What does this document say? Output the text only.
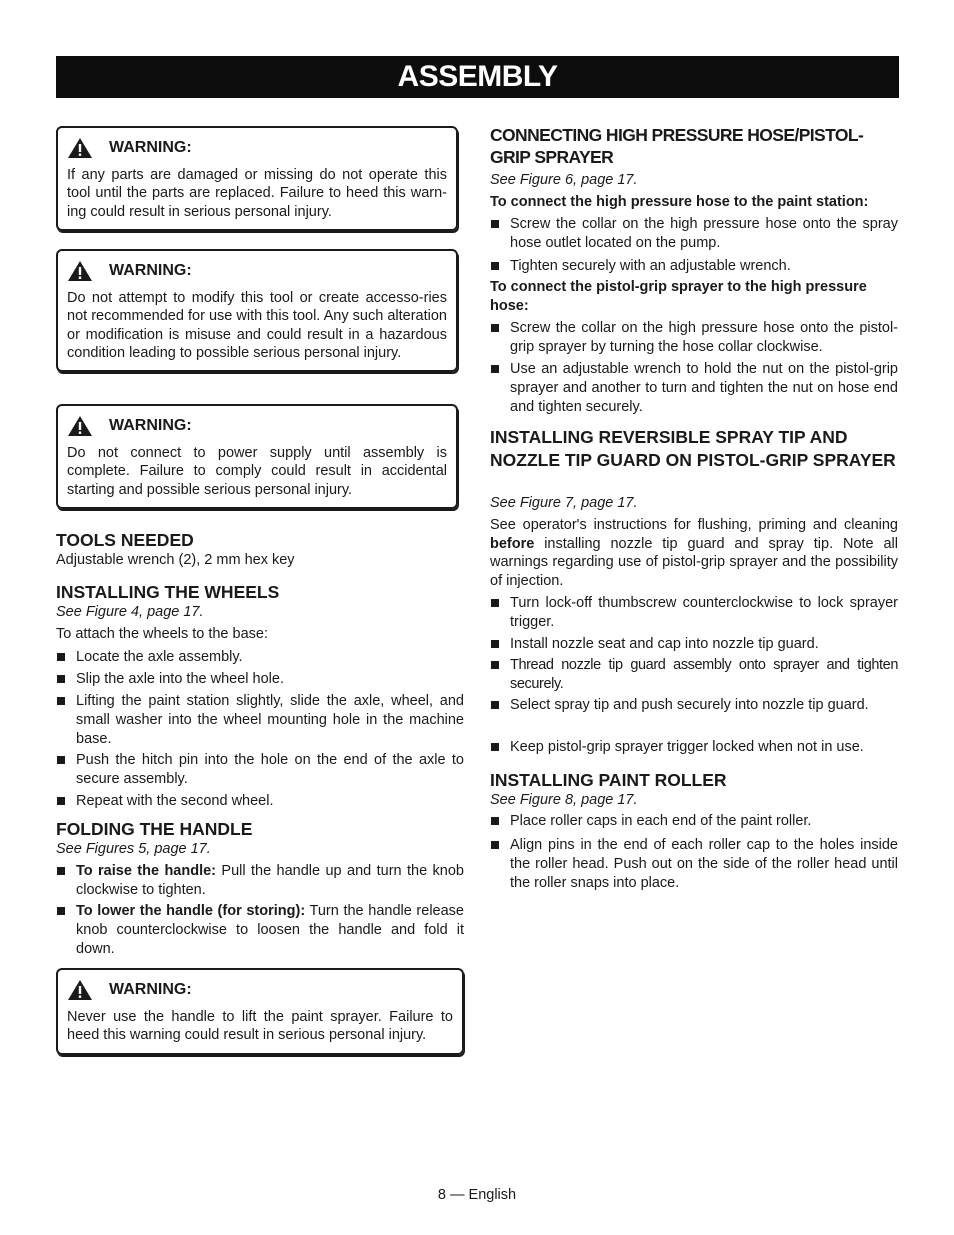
ASSEMBLY
WARNING:
If any parts are damaged or missing do not operate this tool until the parts are replaced. Failure to heed this warn-ing could result in serious personal injury.
WARNING:
Do not attempt to modify this tool or create accesso-ries not recommended for use with this tool. Any such alteration or modification is misuse and could result in a hazardous condition leading to possible serious personal injury.
WARNING:
Do not connect to power supply until assembly is complete. Failure to comply could result in accidental starting and possible serious personal injury.
TOOLS NEEDED
Adjustable wrench (2), 2 mm hex key
INSTALLING THE WHEELS
See Figure 4, page 17.
To attach the wheels to the base:
Locate the axle assembly.
Slip the axle into the wheel hole.
Lifting the paint station slightly, slide the axle, wheel, and small washer into the wheel mounting hole in the machine base.
Push the hitch pin into the hole on the end of the axle to secure assembly.
Repeat with the second wheel.
FOLDING THE HANDLE
See Figures 5, page 17.
To raise the handle: Pull the handle up and turn the knob clockwise to tighten.
To lower the handle (for storing): Turn the handle release knob counterclockwise to loosen the handle and fold it down.
WARNING:
Never use the handle to lift the paint sprayer. Failure to heed this warning could result in serious personal injury.
CONNECTING HIGH PRESSURE HOSE/PISTOL-GRIP SPRAYER
See Figure 6, page 17.
To connect the high pressure hose to the paint station:
Screw the collar on the high pressure hose onto the spray hose outlet located on the pump.
Tighten securely with an adjustable wrench.
To connect the pistol-grip sprayer to the high pressure hose:
Screw the collar on the high pressure hose onto the pistol-grip sprayer by turning the hose collar clockwise.
Use an adjustable wrench to hold the nut on the pistol-grip sprayer and another to turn and tighten the nut on hose end and tighten securely.
INSTALLING REVERSIBLE SPRAY TIP AND NOZZLE TIP GUARD ON PISTOL-GRIP SPRAYER
See Figure 7, page 17.
See operator's instructions for flushing, priming and cleaning before installing nozzle tip guard and spray tip. Note all warnings regarding use of pistol-grip sprayer and the possibility of injection.
Turn lock-off thumbscrew counterclockwise to lock sprayer trigger.
Install nozzle seat and cap into nozzle tip guard.
Thread nozzle tip guard assembly onto sprayer and tighten securely.
Select spray tip and push securely into nozzle tip guard.
Keep pistol-grip sprayer trigger locked when not in use.
INSTALLING PAINT ROLLER
See Figure 8, page 17.
Place roller caps in each end of the paint roller.
Align pins in the end of each roller cap to the holes inside the roller head. Push out on the side of the roller head until the roller snaps into place.
8 — English
